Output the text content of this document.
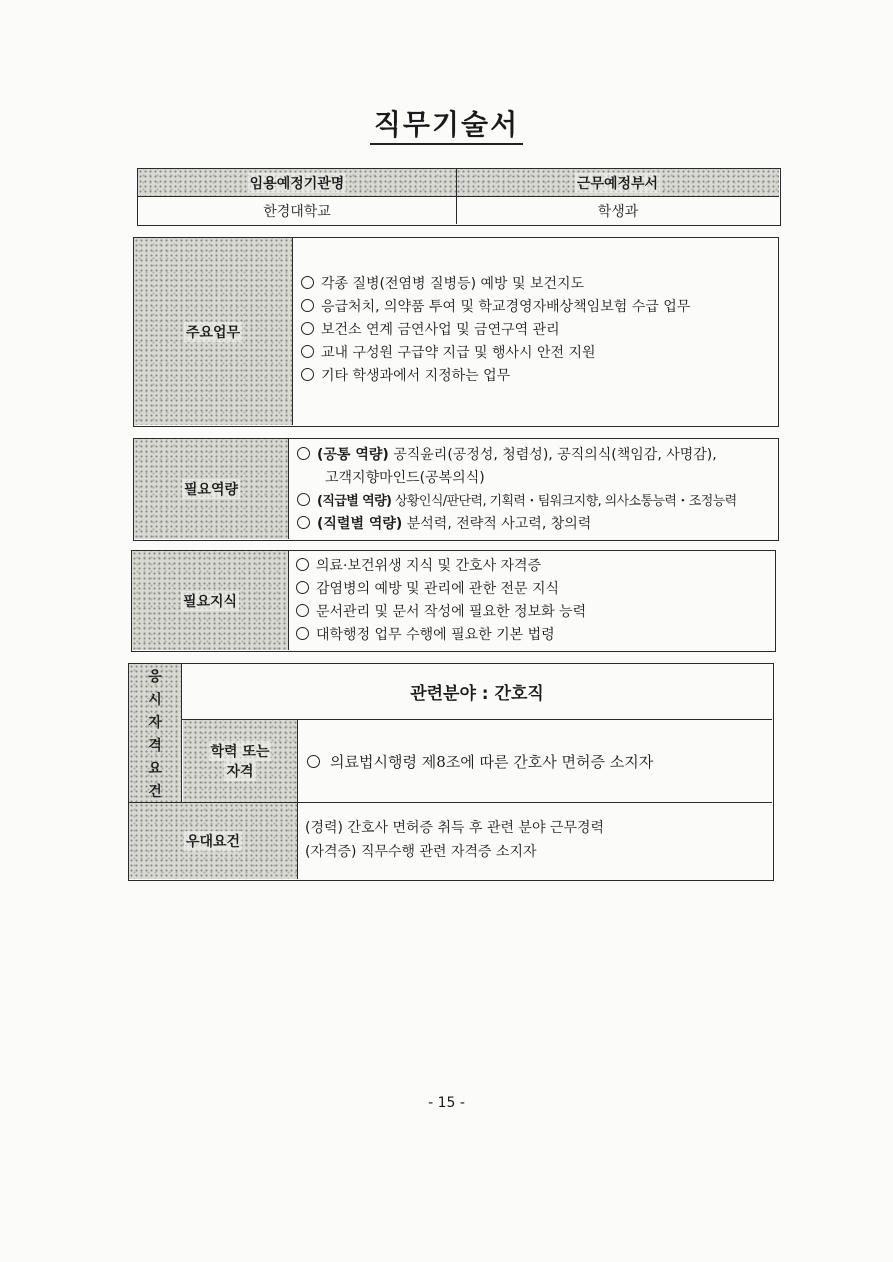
직무기술서
임용예정기관명	근무예정부서
한경대학교	학생과
주요업무
각종 질병(전염병 질병등) 예방 및 보건지도
응급처치, 의약품 투여 및 학교경영자배상책임보험 수급 업무
보건소 연계 금연사업 및 금연구역 관리
교내 구성원 구급약 지급 및 행사시 안전 지원
기타 학생과에서 지정하는 업무
필요역량
(공통 역량) 공직윤리(공정성, 청렴성), 공직의식(책임감, 사명감),
고객지향마인드(공복의식)
(직급별 역량) 상황인식/판단력, 기획력・팀워크지향, 의사소통능력・조정능력
(직렬별 역량) 분석력, 전략적 사고력, 창의력
필요지식
의료·보건위생 지식 및 간호사 자격증
감염병의 예방 및 관리에 관한 전문 지식
문서관리 및 문서 작성에 필요한 정보화 능력
대학행정 업무 수행에 필요한 기본 법령
응
시
자
격
요
건
관련분야 : 간호직
학력 또는
자격
의료법시행령 제8조에 따른 간호사 면허증 소지자
우대요건
(경력) 간호사 면허증 취득 후 관련 분야 근무경력
(자격증) 직무수행 관련 자격증 소지자
- 15 -
